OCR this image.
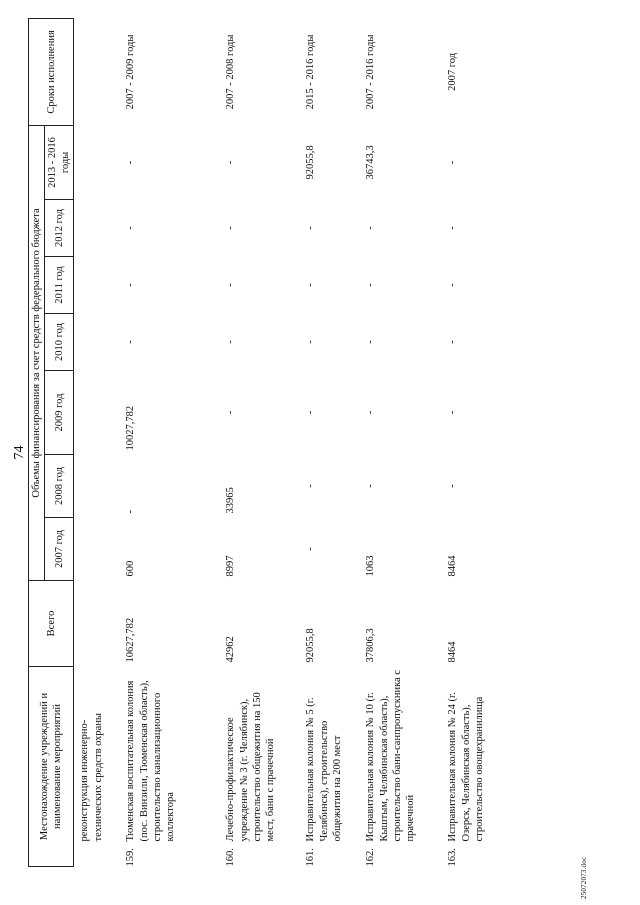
74
Местонахождение учреждений и наименование мероприятий		Всего	Объемы финансирования за счет средств федерального бюджета							Сроки исполнения
			2007 год	2008 год	2009 год	2010 год	2011 год	2012 год	2013 - 2016 годы	
	реконструкция инженерно-технических средств охраны									
159.	Тюменская воспитательная колония (пос. Винзили, Тюменская область), строительство канализационного коллектора	10627,782	600	-	10027,782	-	-	-	-	2007 - 2009 годы
160.	Лечебно-профилактическое учреждение № 3 (г. Челябинск), строительство общежития на 150 мест, бани с прачечной	42962	8997	33965	-	-	-	-	-	2007 - 2008 годы
161.	Исправительная колония № 5 (г. Челябинск), строительство общежития на 200 мест	92055,8	-	-	-	-	-	-	92055,8	2015 - 2016 годы
162.	Исправительная колония № 10 (г. Кыштым, Челябинская область), строительство бани-санпропускника с прачечной	37806,3	1063	-	-	-	-	-	36743,3	2007 - 2016 годы
163.	Исправительная колония № 24 (г. Озерск, Челябинская область), строительство овощехранилища	8464	8464	-	-	-	-	-	-	2007 год
25072073.doc
